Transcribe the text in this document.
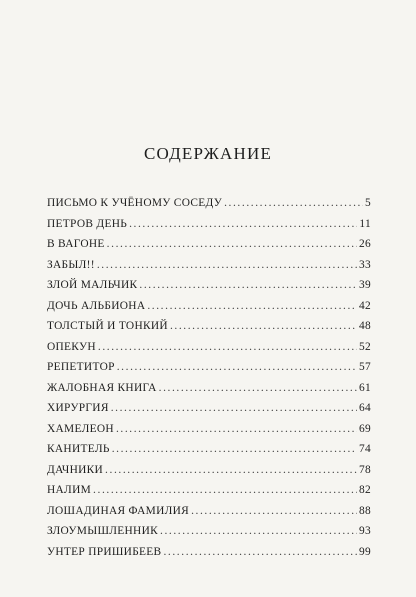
СОДЕРЖАНИЕ
ПИСЬМО К УЧЁНОМУ СОСЕДУ .....	5
ПЕТРОВ ДЕНЬ .....	11
В ВАГОНЕ .....	26
ЗАБЫЛ!! .....	33
ЗЛОЙ МАЛЬЧИК .....	39
ДОЧЬ АЛЬБИОНА .....	42
ТОЛСТЫЙ И ТОНКИЙ .....	48
ОПЕКУН .....	52
РЕПЕТИТОР .....	57
ЖАЛОБНАЯ КНИГА .....	61
ХИРУРГИЯ .....	64
ХАМЕЛЕОН .....	69
КАНИТЕЛЬ .....	74
ДАЧНИКИ .....	78
НАЛИМ .....	82
ЛОШАДИНАЯ ФАМИЛИЯ .....	88
ЗЛОУМЫШЛЕННИК .....	93
УНТЕР ПРИШИБЕЕВ .....	99
